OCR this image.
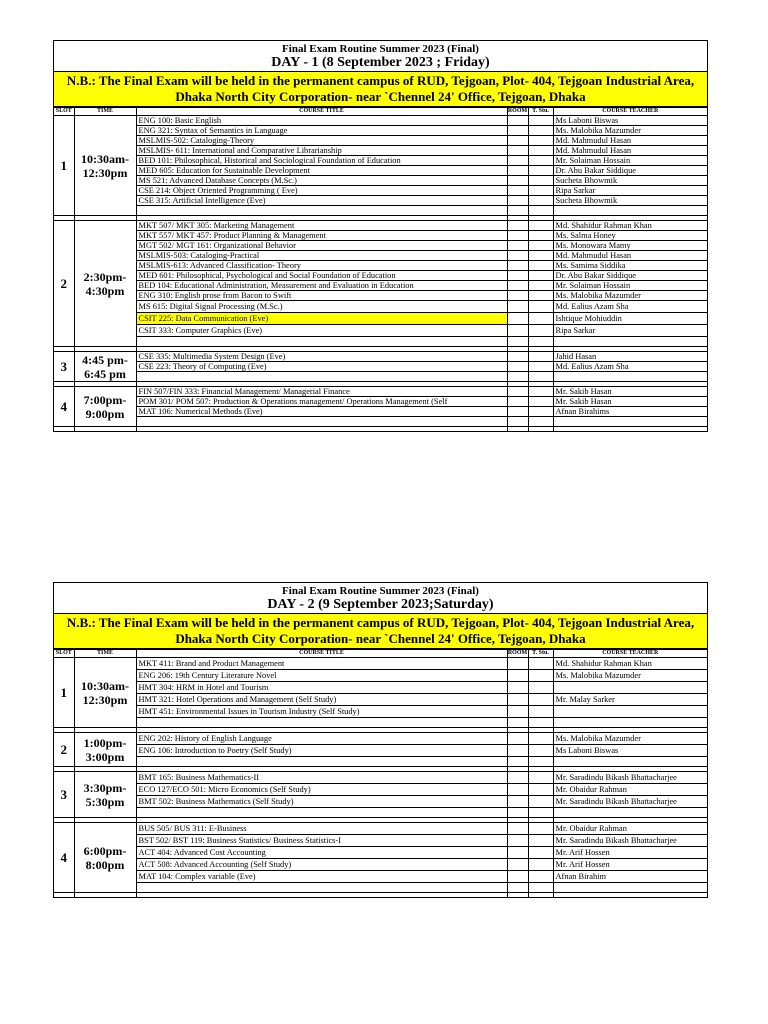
Final Exam Routine Summer 2023 (Final)
DAY - 1 (8 September 2023 ; Friday)
N.B.: The Final Exam will be held in the permanent campus of RUD, Tejgoan, Plot- 404, Tejgoan Industrial Area, Dhaka North City Corporation- near `Chennel 24' Office, Tejgoan, Dhaka
SLOT	TIME	COURSE TITLE	ROOM	T. Stu.	COURSE TEACHER
1	10:30am-12:30pm	ENG 100: Basic English			Ms Laboni Biswas
		ENG 321: Syntax of Semantics in Language			Ms. Malobika Mazumder
		MSLMIS-502: Cataloging-Theory			Md. Mahmudul Hasan
		MSLMIS- 611: International and Comparative Librarianship			Md. Mahmudul Hasan
		BED 101: Philosophical, Historical and Sociological Foundation of Education			Mr. Solaiman Hossain
		MED 605: Education for Sustainable Development			Dr. Abu Bakar Siddique
		MS 521: Advanced Database Concepts (M.Sc.)			Sucheta Bhowmik
		CSE 214: Object Oriented Programming ( Eve)			Ripa Sarkar
		CSE 315: Artificial Intelligence (Eve)			Sucheta Bhowmik

2	2:30pm-4:30pm	MKT 507/ MKT 305: Marketing Management			Md. Shahidur Rahman Khan
		MKT 557/ MKT 457: Product Planning & Management			Ms. Salma Honey
		MGT 502/ MGT 161: Organizational Behavior			Ms. Monowara Mamy
		MSLMIS-503: Cataloging-Practical			Md. Mahmudul Hasan
		MSLMIS-613: Advanced Classification- Theory			Ms. Samima Siddika
		MED 601: Philosophical, Psychological and Social Foundation of Education			Dr. Abu Bakar Siddique
		BED 104: Educational Administration, Measurement and Evaluation in Education			Mr. Solaiman Hossain
		ENG 310: English prose from Bacon to Swift			Ms. Malobika Mazumder
		MS 615: Digital Signal Processing (M.Sc.)			Md. Ealius Azam Sha
		CSIT 225: Data Communication (Eve)			Ishtique Mohiuddin
		CSIT 333: Computer Graphics (Eve)			Ripa Sarkar

3	4:45 pm-6:45 pm	CSE 335: Multimedia System Design (Eve)			Jahid Hasan
		CSE 223: Theory of Computing (Eve)			Md. Ealius Azam Sha

4	7:00pm-9:00pm	FIN 507/FIN 333: Financial Management/ Managerial Finance			Mr. Sakib Hasan
		POM 301/ POM 507: Production & Operations management/ Operations Management (Self			Mr. Sakib Hasan
		MAT 106: Numerical Methods (Eve)			Afnan Birahims

Final Exam Routine Summer 2023 (Final)
DAY - 2 (9 September 2023;Saturday)
N.B.: The Final Exam will be held in the permanent campus of RUD, Tejgoan, Plot- 404, Tejgoan Industrial Area, Dhaka North City Corporation- near `Chennel 24' Office, Tejgoan, Dhaka
SLOT	TIME	COURSE TITLE	ROOM	T. Stu.	COURSE TEACHER
1	10:30am-12:30pm	MKT 411: Brand and Product Management			Md. Shahidur Rahman Khan
		ENG 206: 19th Century Literature Novel			Ms. Malobika Mazumder
		HMT 304: HRM in Hotel and Tourism			
		HMT 321: Hotel Operations and Management (Self Study)			Mr. Malay Sarker
		HMT 451: Environmental Issues in Tourism Industry (Self Study)			

2	1:00pm-3:00pm	ENG 202: History of English Language			Ms. Malobika Mazumder
		ENG 106: Introduction to Poetry (Self Study)			Ms Laboni Biswas

3	3:30pm-5:30pm	BMT 165: Business Mathematics-II			Mr. Saradindu Bikash Bhattacharjee
		ECO 127/ECO 501: Micro Economics (Self Study)			Mr. Obaidur Rahman
		BMT 502: Business Mathematics (Self Study)			Mr. Saradindu Bikash Bhattacharjee

4	6:00pm-8:00pm	BUS 505/ BUS 311: E-Business			Mr. Obaidur Rahman
		BST 502/ BST 119: Business Statistics/ Business Statistics-I			Mr. Saradindu Bikash Bhattacharjee
		ACT 404: Advanced Cost Accounting			Mr. Arif Hossen
		ACT 508: Advanced Accounting (Self Study)			Mr. Arif Hossen
		MAT 104: Complex variable (Eve)			Afnan Birahim
